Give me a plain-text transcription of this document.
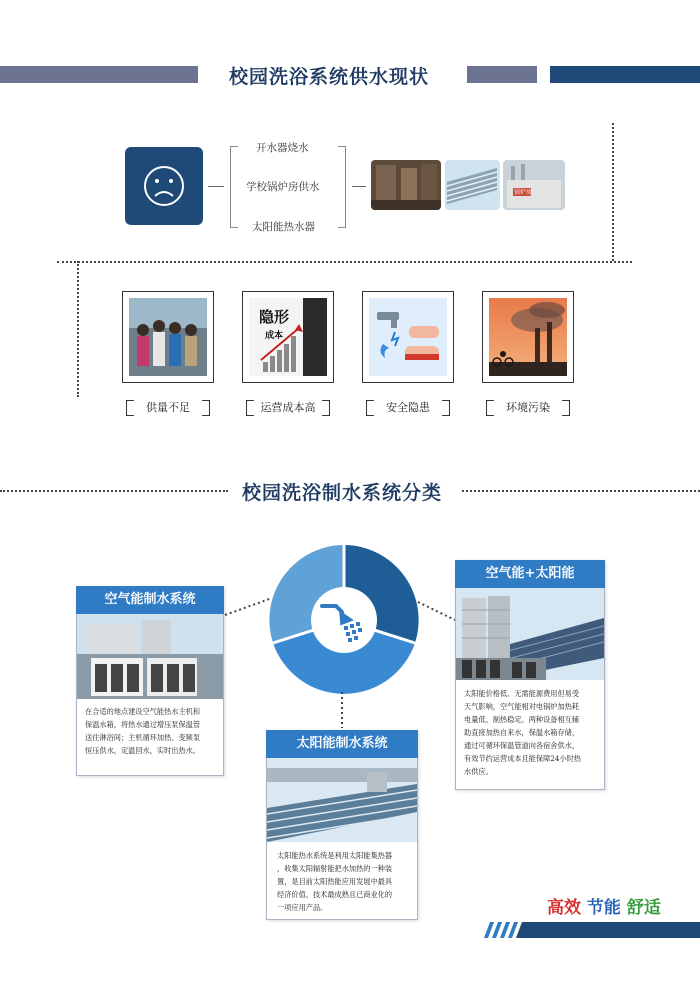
校园洗浴系统供水现状
开水器烧水
学校锅炉房供水
太阳能热水器
锅炉房
隐形
成本
供量不足	运营成本高	安全隐患	环境污染
校园洗浴制水系统分类
空气能制水系统
在合适的地点建设空气能热水主机和
保温水箱，将热水通过增压泵保温管
送往淋浴间；主机循环加热、变频泵
恒压供水，定温回水，实时出热水。
空气能+太阳能
太阳能价格低、无需能源费用但易受
天气影响，空气能相对电锅炉加热耗
电量低、制热稳定。两种设备相互辅
助直接加热自来水，保温水箱存储，
通过可循环保温管道向各宿舍供水，
有效节约运营成本且能保障24小时热
水供应。
太阳能制水系统
太阳能热水系统是利用太阳能集热器
，收集太阳辐射能把水加热的一种装
置，是目前太阳热能应用发展中最具
经济价值、技术最成熟且已商业化的
一项应用产品。	高效 节能 舒适
